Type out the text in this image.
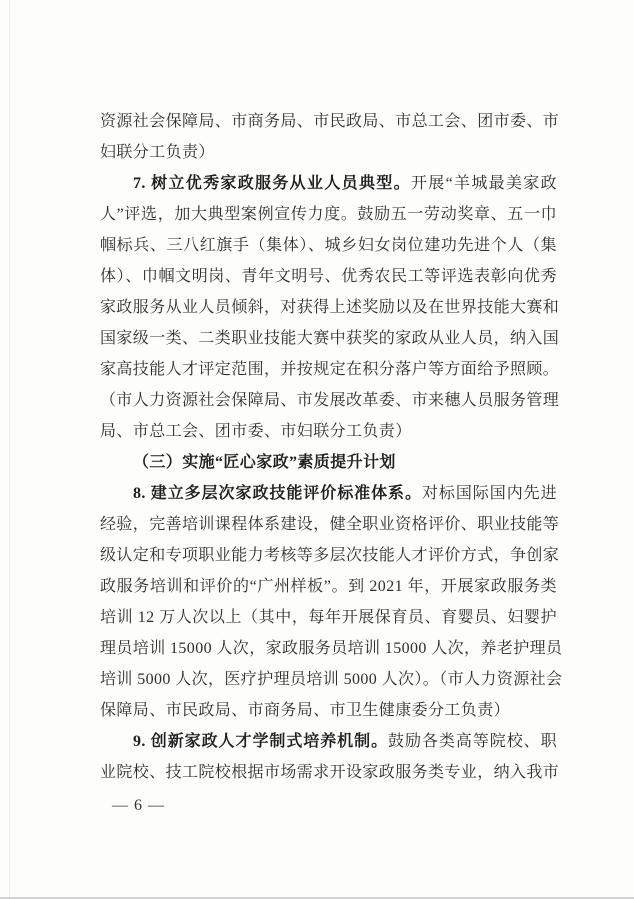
资源社会保障局、市商务局、市民政局、市总工会、团市委、市
妇联分工负责）
7. 树立优秀家政服务从业人员典型。开展“羊城最美家政
人”评选，加大典型案例宣传力度。鼓励五一劳动奖章、五一巾
帼标兵、三八红旗手（集体）、城乡妇女岗位建功先进个人（集
体）、巾帼文明岗、青年文明号、优秀农民工等评选表彰向优秀
家政服务从业人员倾斜，对获得上述奖励以及在世界技能大赛和
国家级一类、二类职业技能大赛中获奖的家政从业人员，纳入国
家高技能人才评定范围，并按规定在积分落户等方面给予照顾。
（市人力资源社会保障局、市发展改革委、市来穗人员服务管理
局、市总工会、团市委、市妇联分工负责）
（三）实施“匠心家政”素质提升计划
8. 建立多层次家政技能评价标准体系。对标国际国内先进
经验，完善培训课程体系建设，健全职业资格评价、职业技能等
级认定和专项职业能力考核等多层次技能人才评价方式，争创家
政服务培训和评价的“广州样板”。到 2021 年，开展家政服务类
培训 12 万人次以上（其中，每年开展保育员、育婴员、妇婴护
理员培训 15000 人次，家政服务员培训 15000 人次，养老护理员
培训 5000 人次，医疗护理员培训 5000 人次）。（市人力资源社会
保障局、市民政局、市商务局、市卫生健康委分工负责）
9. 创新家政人才学制式培养机制。鼓励各类高等院校、职
业院校、技工院校根据市场需求开设家政服务类专业，纳入我市
— 6 —
